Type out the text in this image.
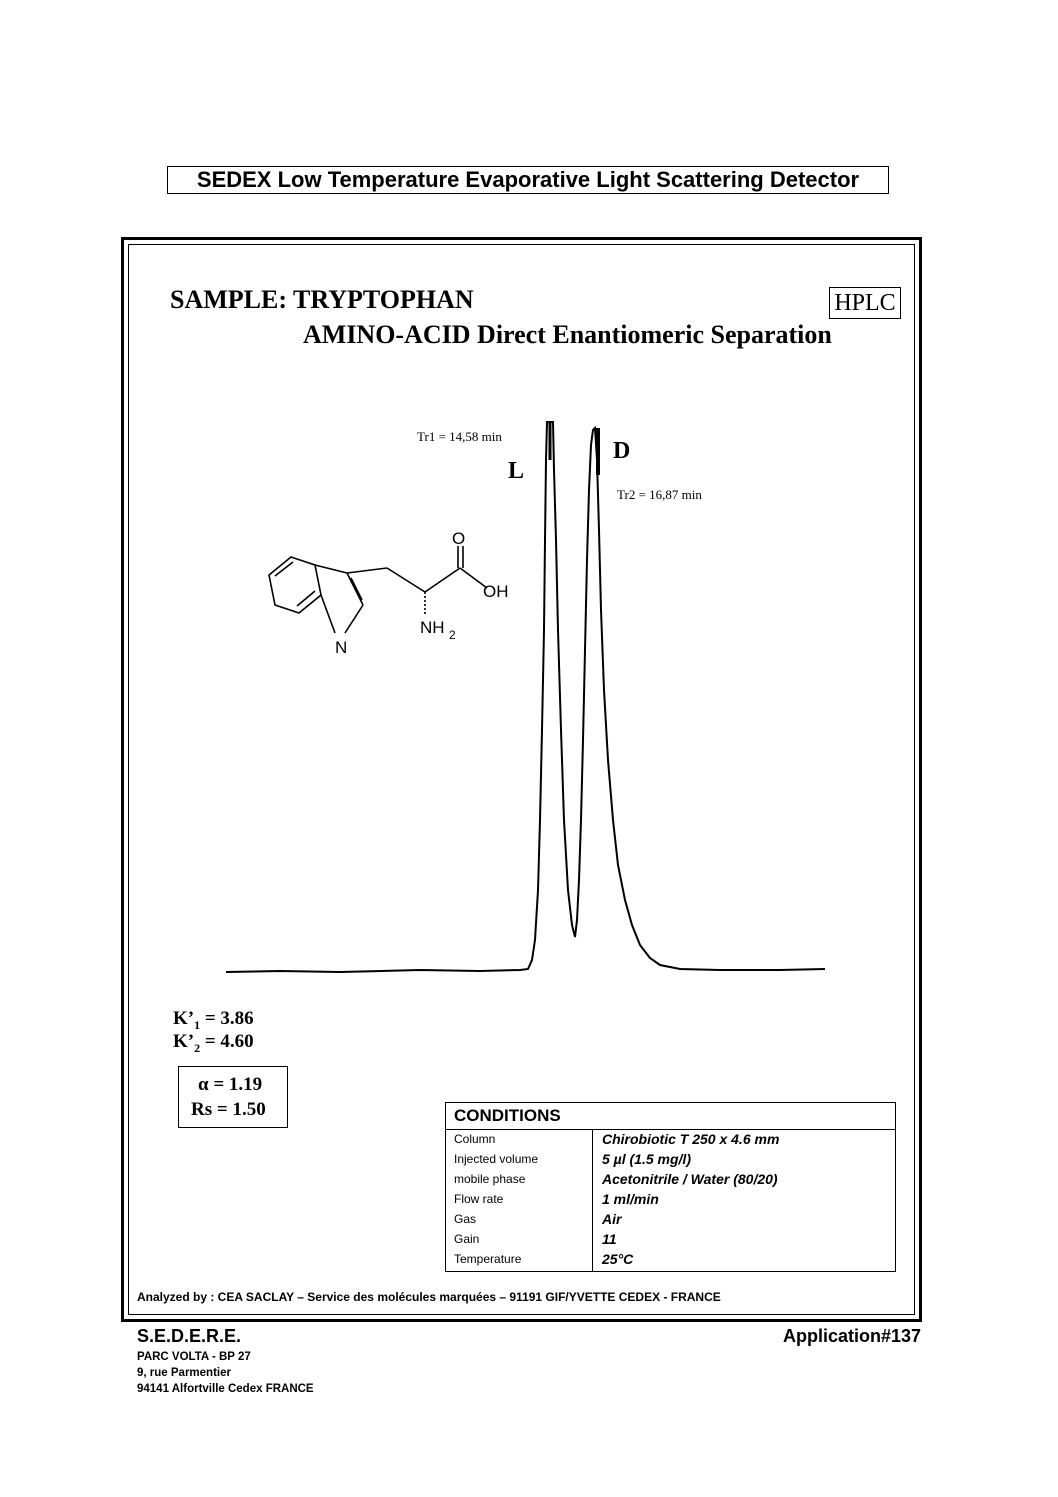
SEDEX Low Temperature Evaporative Light Scattering Detector
SAMPLE: TRYPTOPHAN	HPLC
AMINO-ACID Direct Enantiomeric Separation
Tr1 = 14,58 min
Tr2 = 16,87 min
L
D
N
O
OH
NH 2
$K’_1 = 3.86$
$K’_2 = 4.60$
α = 1.19
Rs = 1.50	CONDITIONS
Column	Chirobiotic T 250 x 4.6 mm
Injected volume	5 µl (1.5 mg/l)
mobile phase	Acetonitrile / Water (80/20)
Flow rate	1 ml/min
Gas	Air
Gain	11
Temperature	25°C
Analyzed by : CEA SACLAY – Service des molécules marquées – 91191 GIF/YVETTE CEDEX - FRANCE
S.E.D.E.R.E.	Application#137
PARC VOLTA - BP 27
9, rue Parmentier
94141 Alfortville Cedex FRANCE
